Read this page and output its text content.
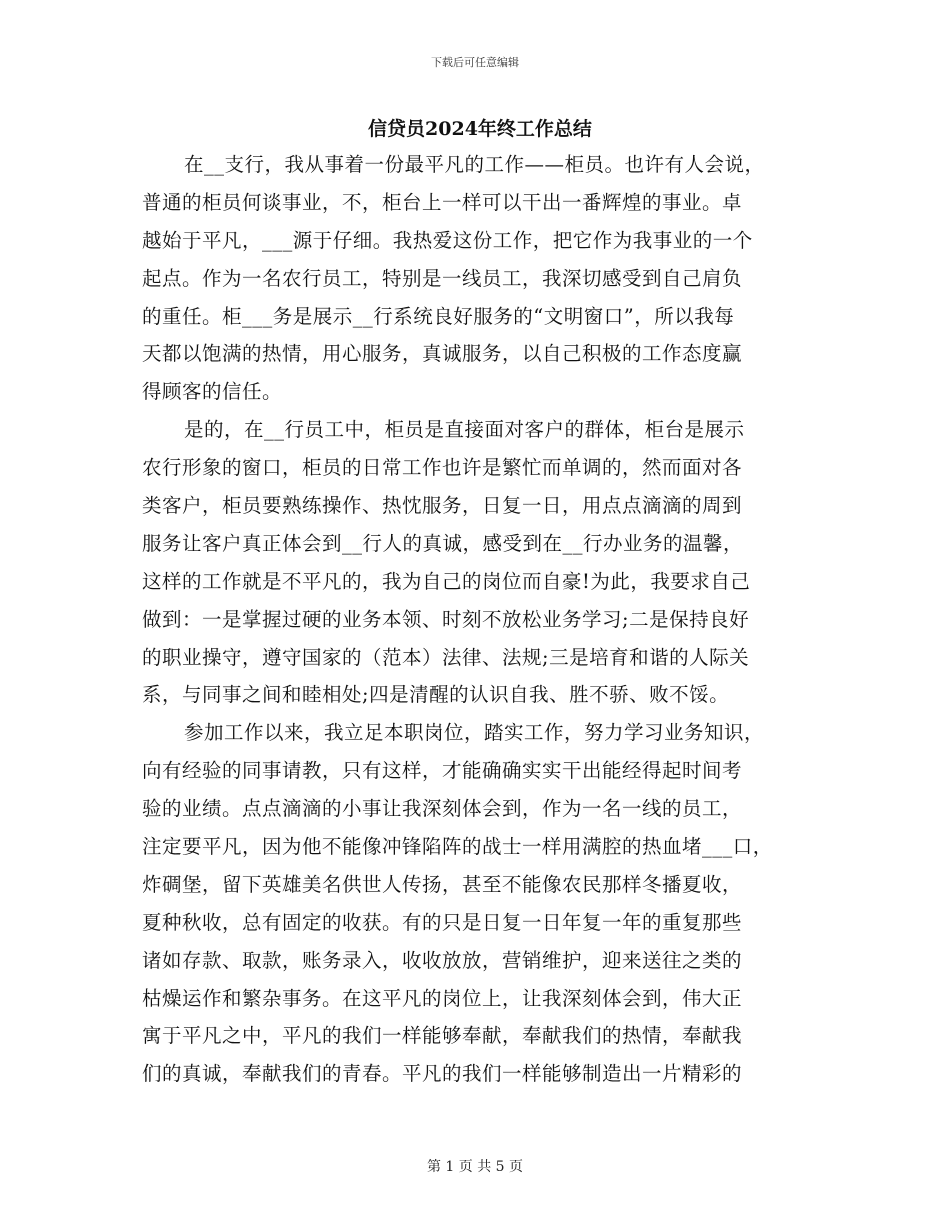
下载后可任意编辑
信贷员2024年终工作总结
在__支行，我从事着一份最平凡的工作——柜员。也许有人会说，
普通的柜员何谈事业，不，柜台上一样可以干出一番辉煌的事业。卓
越始于平凡，___源于仔细。我热爱这份工作，把它作为我事业的一个
起点。作为一名农行员工，特别是一线员工，我深切感受到自己肩负
的重任。柜___务是展示__行系统良好服务的“文明窗口”，所以我每
天都以饱满的热情，用心服务，真诚服务，以自己积极的工作态度赢
得顾客的信任。
是的，在__行员工中，柜员是直接面对客户的群体，柜台是展示
农行形象的窗口，柜员的日常工作也许是繁忙而单调的，然而面对各
类客户，柜员要熟练操作、热忱服务，日复一日，用点点滴滴的周到
服务让客户真正体会到__行人的真诚，感受到在__行办业务的温馨，
这样的工作就是不平凡的，我为自己的岗位而自豪!为此，我要求自己
做到：一是掌握过硬的业务本领、时刻不放松业务学习;二是保持良好
的职业操守，遵守国家的（范本）法律、法规;三是培育和谐的人际关
系，与同事之间和睦相处;四是清醒的认识自我、胜不骄、败不馁。
参加工作以来，我立足本职岗位，踏实工作，努力学习业务知识，
向有经验的同事请教，只有这样，才能确确实实干出能经得起时间考
验的业绩。点点滴滴的小事让我深刻体会到，作为一名一线的员工，
注定要平凡，因为他不能像冲锋陷阵的战士一样用满腔的热血堵___口，
炸碉堡，留下英雄美名供世人传扬，甚至不能像农民那样冬播夏收，
夏种秋收，总有固定的收获。有的只是日复一日年复一年的重复那些
诸如存款、取款，账务录入，收收放放，营销维护，迎来送往之类的
枯燥运作和繁杂事务。在这平凡的岗位上，让我深刻体会到，伟大正
寓于平凡之中，平凡的我们一样能够奉献，奉献我们的热情，奉献我
们的真诚，奉献我们的青春。平凡的我们一样能够制造出一片精彩的
第 1 页 共 5 页
